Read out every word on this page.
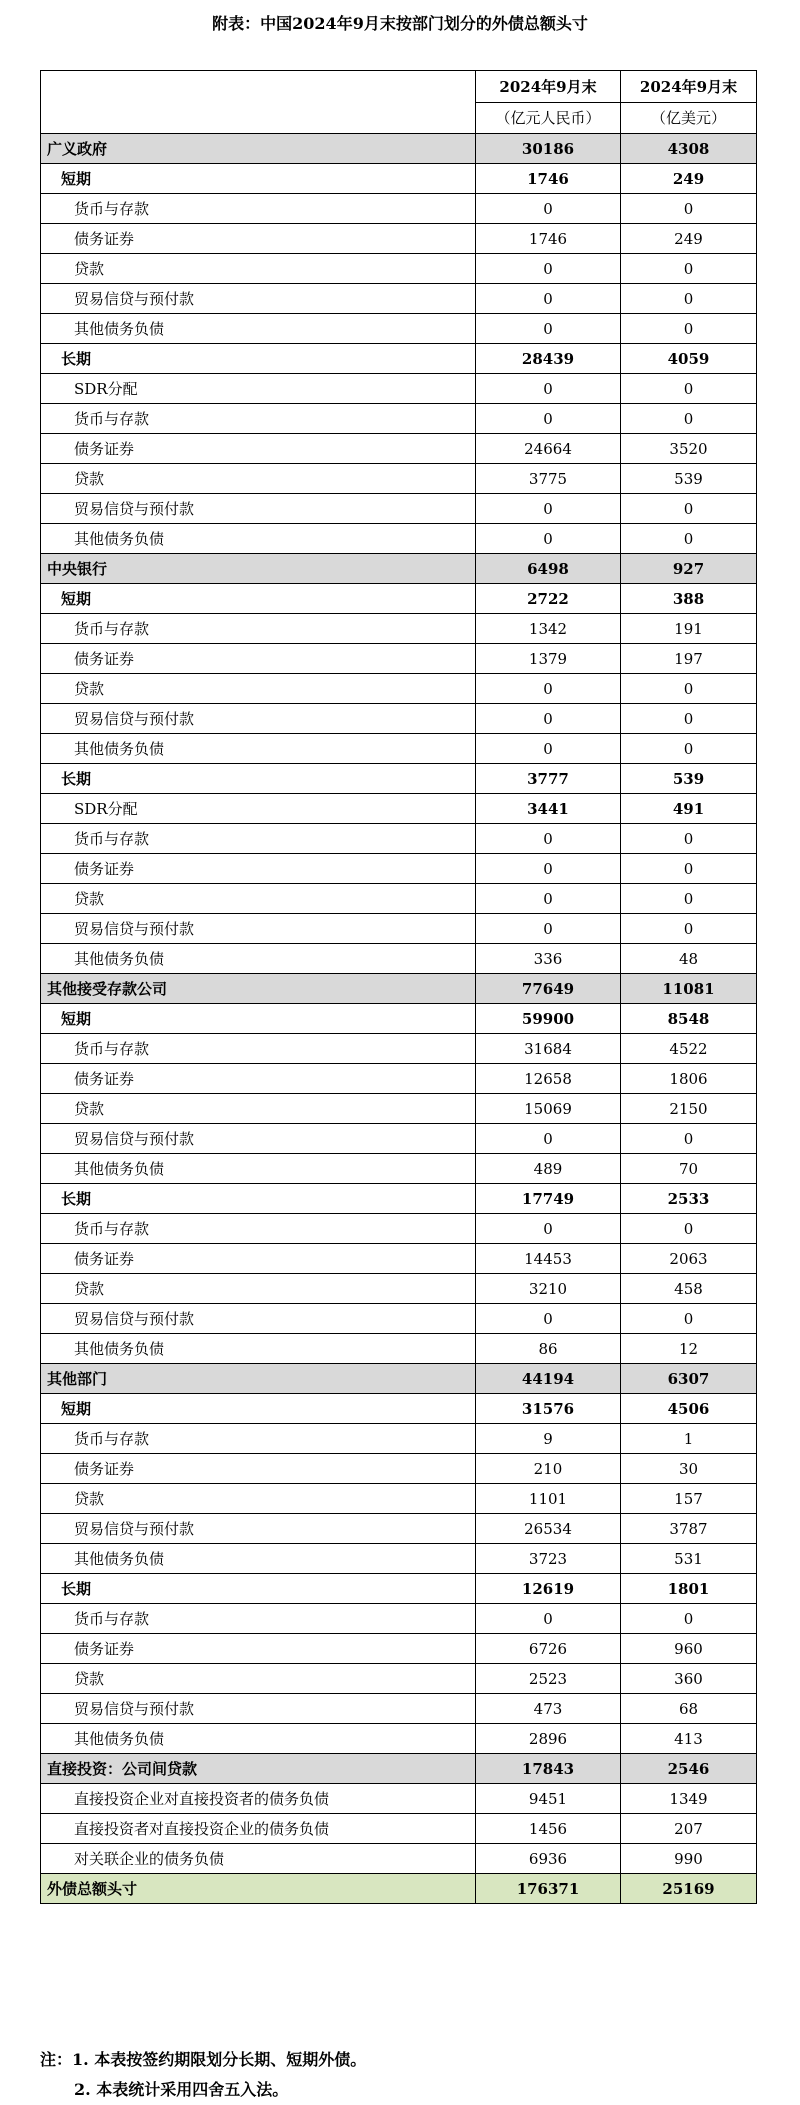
附表：中国2024年9月末按部门划分的外债总额头寸
	2024年9月末	2024年9月末
	（亿元人民币）	（亿美元）
广义政府	30186	4308
短期	1746	249
货币与存款	0	0
债务证券	1746	249
贷款	0	0
贸易信贷与预付款	0	0
其他债务负债	0	0
长期	28439	4059
SDR分配	0	0
货币与存款	0	0
债务证券	24664	3520
贷款	3775	539
贸易信贷与预付款	0	0
其他债务负债	0	0
中央银行	6498	927
短期	2722	388
货币与存款	1342	191
债务证券	1379	197
贷款	0	0
贸易信贷与预付款	0	0
其他债务负债	0	0
长期	3777	539
SDR分配	3441	491
货币与存款	0	0
债务证券	0	0
贷款	0	0
贸易信贷与预付款	0	0
其他债务负债	336	48
其他接受存款公司	77649	11081
短期	59900	8548
货币与存款	31684	4522
债务证券	12658	1806
贷款	15069	2150
贸易信贷与预付款	0	0
其他债务负债	489	70
长期	17749	2533
货币与存款	0	0
债务证券	14453	2063
贷款	3210	458
贸易信贷与预付款	0	0
其他债务负债	86	12
其他部门	44194	6307
短期	31576	4506
货币与存款	9	1
债务证券	210	30
贷款	1101	157
贸易信贷与预付款	26534	3787
其他债务负债	3723	531
长期	12619	1801
货币与存款	0	0
债务证券	6726	960
贷款	2523	360
贸易信贷与预付款	473	68
其他债务负债	2896	413
直接投资：公司间贷款	17843	2546
直接投资企业对直接投资者的债务负债	9451	1349
直接投资者对直接投资企业的债务负债	1456	207
对关联企业的债务负债	6936	990
外债总额头寸	176371	25169
注：1. 本表按签约期限划分长期、短期外债。
2. 本表统计采用四舍五入法。
